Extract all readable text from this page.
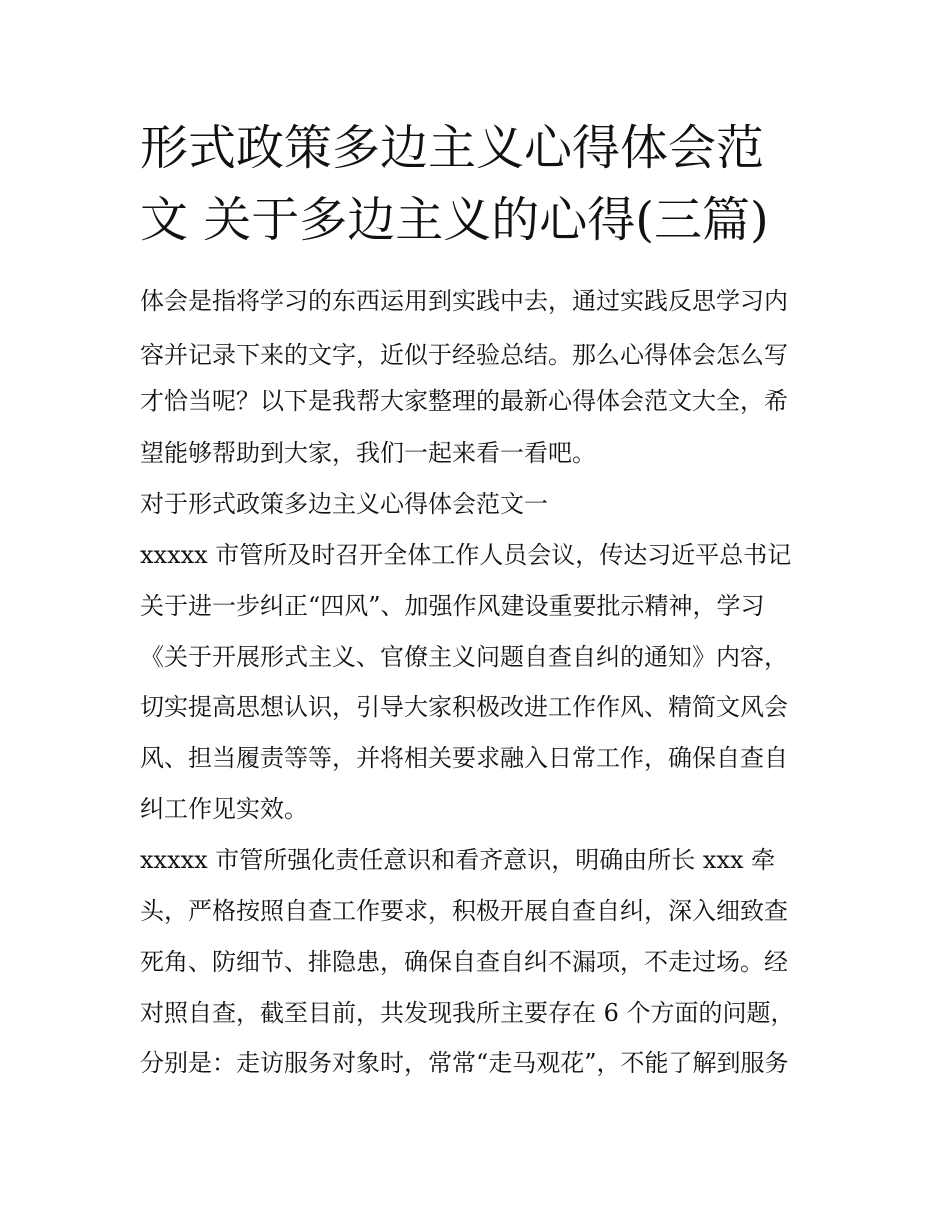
形式政策多边主义心得体会范
文 关于多边主义的心得(三篇)
体会是指将学习的东西运用到实践中去，通过实践反思学习内
容并记录下来的文字，近似于经验总结。那么心得体会怎么写
才恰当呢？以下是我帮大家整理的最新心得体会范文大全，希
望能够帮助到大家，我们一起来看一看吧。
对于形式政策多边主义心得体会范文一
xxxxx 市管所及时召开全体工作人员会议，传达习近平总书记
关于进一步纠正“四风”、加强作风建设重要批示精神，学习
《关于开展形式主义、官僚主义问题自查自纠的通知》内容，
切实提高思想认识，引导大家积极改进工作作风、精简文风会
风、担当履责等等，并将相关要求融入日常工作，确保自查自
纠工作见实效。
xxxxx 市管所强化责任意识和看齐意识，明确由所长 xxx 牵
头，严格按照自查工作要求，积极开展自查自纠，深入细致查
死角、防细节、排隐患，确保自查自纠不漏项，不走过场。经
对照自查，截至目前，共发现我所主要存在 6 个方面的问题，
分别是：走访服务对象时，常常“走马观花”，不能了解到服务
